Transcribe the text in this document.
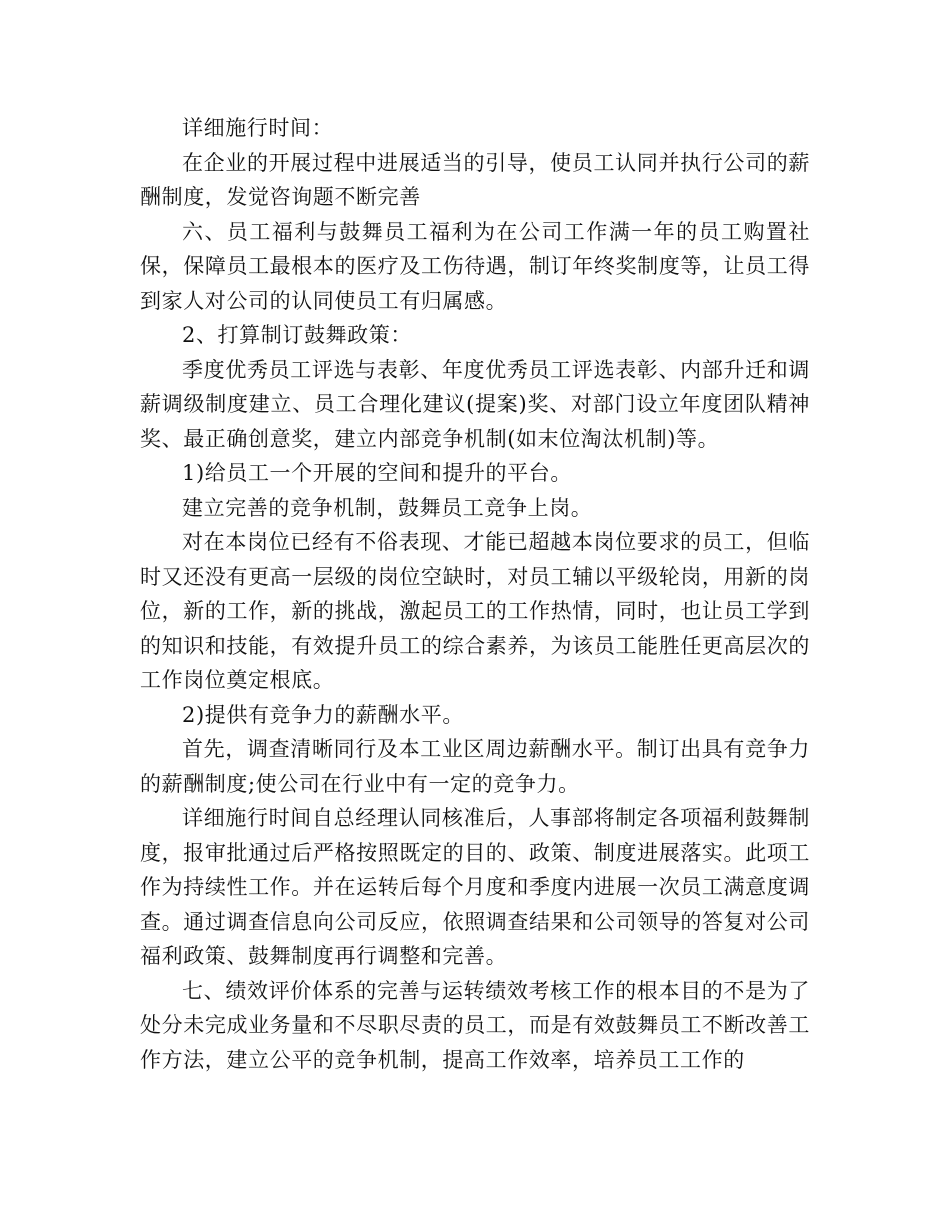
详细施行时间：

在企业的开展过程中进展适当的引导，使员工认同并执行公司的薪酬制度，发觉咨询题不断完善

六、员工福利与鼓舞员工福利为在公司工作满一年的员工购置社保，保障员工最根本的医疗及工伤待遇，制订年终奖制度等，让员工得到家人对公司的认同使员工有归属感。

2、打算制订鼓舞政策：

季度优秀员工评选与表彰、年度优秀员工评选表彰、内部升迁和调薪调级制度建立、员工合理化建议(提案)奖、对部门设立年度团队精神奖、最正确创意奖，建立内部竞争机制(如末位淘汰机制)等。

1)给员工一个开展的空间和提升的平台。

建立完善的竞争机制，鼓舞员工竞争上岗。

对在本岗位已经有不俗表现、才能已超越本岗位要求的员工，但临时又还没有更高一层级的岗位空缺时，对员工辅以平级轮岗，用新的岗位，新的工作，新的挑战，激起员工的工作热情，同时，也让员工学到的知识和技能，有效提升员工的综合素养，为该员工能胜任更高层次的工作岗位奠定根底。

2)提供有竞争力的薪酬水平。

首先，调查清晰同行及本工业区周边薪酬水平。制订出具有竞争力的薪酬制度;使公司在行业中有一定的竞争力。

详细施行时间自总经理认同核准后，人事部将制定各项福利鼓舞制度，报审批通过后严格按照既定的目的、政策、制度进展落实。此项工作为持续性工作。并在运转后每个月度和季度内进展一次员工满意度调查。通过调查信息向公司反应，依照调查结果和公司领导的答复对公司福利政策、鼓舞制度再行调整和完善。

七、绩效评价体系的完善与运转绩效考核工作的根本目的不是为了处分未完成业务量和不尽职尽责的员工，而是有效鼓舞员工不断改善工作方法，建立公平的竞争机制，提高工作效率，培养员工工作的
